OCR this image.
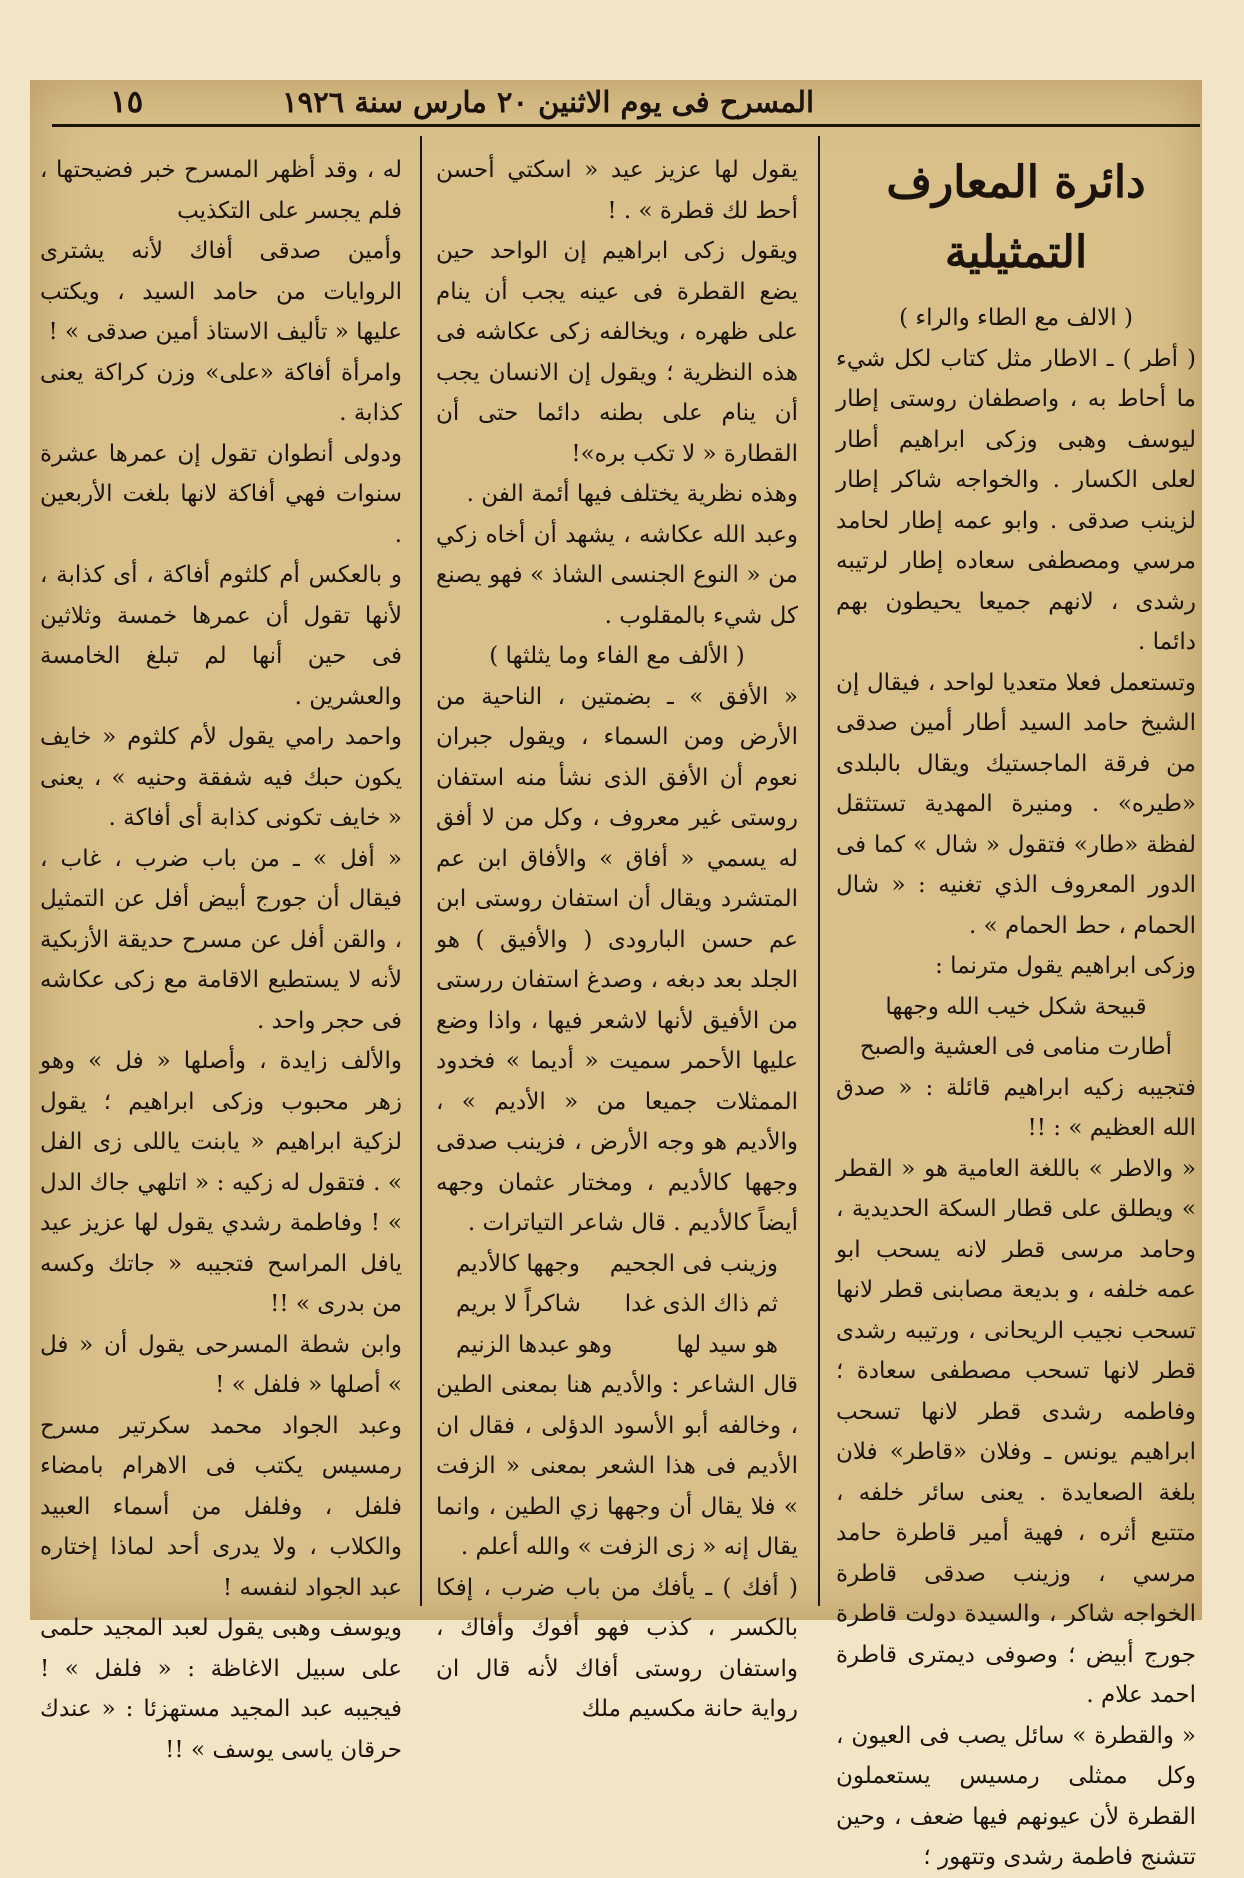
المسرح فى يوم الاثنين ٢٠ مارس سنة ١٩٢٦
١٥
دائرة المعارف التمثيلية

( الالف مع الطاء والراء )

( أطر ) ـ الاطار مثل كتاب لكل شيء ما أحاط به ، واصطفان روستى إطار ليوسف وهبى وزكى ابراهيم أطار لعلى الكسار . والخواجه شاكر إطار لزينب صدقى . وابو عمه إطار لحامد مرسي ومصطفى سعاده إطار لرتيبه رشدى ، لانهم جميعا يحيطون بهم دائما .

وتستعمل فعلا متعديا لواحد ، فيقال إن الشيخ حامد السيد أطار أمين صدقى من فرقة الماجستيك ويقال بالبلدى «طيره» . ومنيرة المهدية تستثقل لفظة «طار» فتقول « شال » كما فى الدور المعروف الذي تغنيه : « شال الحمام ، حط الحمام » .

وزكى ابراهيم يقول مترنما :

قبيحة شكل خيب الله وجهها

أطارت منامى فى العشية والصبح

فتجيبه زكيه ابراهيم قائلة : « صدق الله العظيم » : !!

« والاطر » باللغة العامية هو « القطر » ويطلق على قطار السكة الحديدية ، وحامد مرسى قطر لانه يسحب ابو عمه خلفه ، و بديعة مصابنى قطر لانها تسحب نجيب الريحانى ، ورتيبه رشدى قطر لانها تسحب مصطفى سعادة ؛ وفاطمه رشدى قطر لانها تسحب ابراهيم يونس ـ وفلان «قاطر» فلان بلغة الصعايدة . يعنى سائر خلفه ، متتبع أثره ، فهية أمير قاطرة حامد مرسي ، وزينب صدقى قاطرة الخواجه شاكر ، والسيدة دولت قاطرة جورج أبيض ؛ وصوفى ديمترى قاطرة احمد علام .

« والقطرة » سائل يصب فى العيون ، وكل ممثلى رمسيس يستعملون القطرة لأن عيونهم فيها ضعف ، وحين تتشنج فاطمة رشدى وتتهور ؛

يقول لها عزيز عيد « اسكتي أحسن أحط لك قطرة » . !

ويقول زكى ابراهيم إن الواحد حين يضع القطرة فى عينه يجب أن ينام على ظهره ، ويخالفه زكى عكاشه فى هذه النظرية ؛ ويقول إن الانسان يجب أن ينام على بطنه دائما حتى أن القطارة « لا تكب بره»!

وهذه نظرية يختلف فيها أئمة الفن .

وعبد الله عكاشه ، يشهد أن أخاه زكي من « النوع الجنسى الشاذ » فهو يصنع كل شيء بالمقلوب .

( الألف مع الفاء وما يثلثها )

« الأفق » ـ بضمتين ، الناحية من الأرض ومن السماء ، ويقول جبران نعوم أن الأفق الذى نشأ منه استفان روستى غير معروف ، وكل من لا أفق له يسمي « أفاق » والأفاق ابن عم المتشرد ويقال أن استفان روستى ابن عم حسن البارودى ( والأفيق ) هو الجلد بعد دبغه ، وصدغ استفان ررستى من الأفيق لأنها لاشعر فيها ، واذا وضع عليها الأحمر سميت « أديما » فخدود الممثلات جميعا من « الأديم » ، والأديم هو وجه الأرض ، فزينب صدقى وجهها كالأديم ، ومختار عثمان وجهه أيضاً كالأديم . قال شاعر التياترات .

وزينب فى الجحيم
وجهها كالأديم

ثم ذاك الذى غدا
شاكراً لا بريم

هو سيد لها
وهو عبدها الزنيم

قال الشاعر : والأديم هنا بمعنى الطين ، وخالفه أبو الأسود الدؤلى ، فقال ان الأديم فى هذا الشعر بمعنى « الزفت » فلا يقال أن وجهها زي الطين ، وانما يقال إنه « زى الزفت » والله أعلم .

( أفك ) ـ يأفك من باب ضرب ، إفكا بالكسر ، كذب فهو أفوك وأفاك ، واستفان روستى أفاك لأنه قال ان رواية حانة مكسيم ملك

له ، وقد أظهر المسرح خبر فضيحتها ، فلم يجسر على التكذيب

وأمين صدقى أفاك لأنه يشترى الروايات من حامد السيد ، ويكتب عليها « تأليف الاستاذ أمين صدقى » !

وامرأة أفاكة «على» وزن كراكة يعنى كذابة .

ودولى أنطوان تقول إن عمرها عشرة سنوات فهي أفاكة لانها بلغت الأربعين .

و بالعكس أم كلثوم أفاكة ، أى كذابة ، لأنها تقول أن عمرها خمسة وثلاثين فى حين أنها لم تبلغ الخامسة والعشرين .

واحمد رامي يقول لأم كلثوم « خايف يكون حبك فيه شفقة وحنيه » ، يعنى « خايف تكونى كذابة أى أفاكة .

« أفل » ـ من باب ضرب ، غاب ، فيقال أن جورج أبيض أفل عن التمثيل ، والقن أفل عن مسرح حديقة الأزبكية لأنه لا يستطيع الاقامة مع زكى عكاشه فى حجر واحد .

والألف زايدة ، وأصلها « فل » وهو زهر محبوب وزكى ابراهيم ؛ يقول لزكية ابراهيم « يابنت ياللى زى الفل » . فتقول له زكيه : « اتلهي جاك الدل » ! وفاطمة رشدي يقول لها عزيز عيد يافل المراسح فتجيبه « جاتك وكسه من بدرى » !!

وابن شطة المسرحى يقول أن « فل » أصلها « فلفل » !

وعبد الجواد محمد سكرتير مسرح رمسيس يكتب فى الاهرام بامضاء فلفل ، وفلفل من أسماء العبيد والكلاب ، ولا يدرى أحد لماذا إختاره عبد الجواد لنفسه !

ويوسف وهبى يقول لعبد المجيد حلمى على سبيل الاغاظة : « فلفل » ! فيجيبه عبد المجيد مستهزئا : « عندك حرقان ياسى يوسف » !!
